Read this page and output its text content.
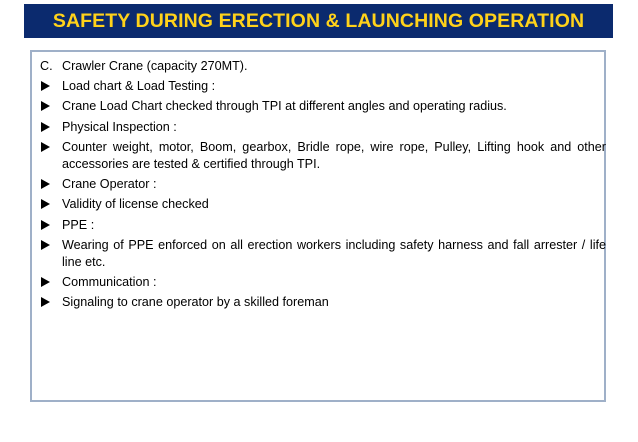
SAFETY DURING ERECTION & LAUNCHING OPERATION
C. Crawler Crane (capacity 270MT).
Load chart & Load Testing :
Crane Load Chart checked through TPI at different angles and operating radius.
Physical Inspection :
Counter weight, motor, Boom, gearbox, Bridle rope, wire rope, Pulley, Lifting hook and other accessories are tested & certified through TPI.
Crane Operator :
Validity of license checked
PPE :
Wearing of PPE enforced on all erection workers including safety harness and fall arrester / life line etc.
Communication :
Signaling to crane operator by a skilled foreman
